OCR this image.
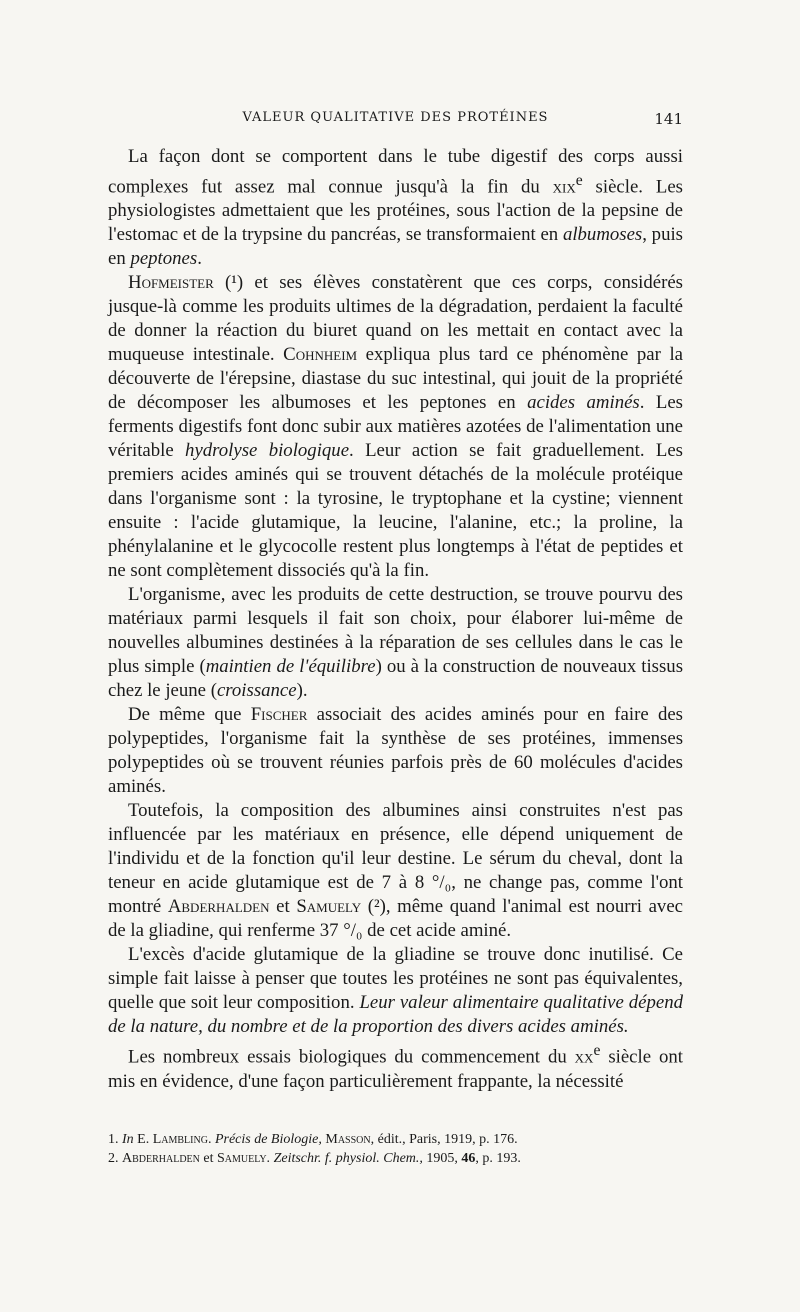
VALEUR QUALITATIVE DES PROTÉINES	141

La façon dont se comportent dans le tube digestif des corps aussi complexes fut assez mal connue jusqu'à la fin du xix$^e$ siècle. Les physiologistes admettaient que les protéines, sous l'action de la pepsine de l'estomac et de la trypsine du pancréas, se transformaient en albumoses, puis en peptones.

Hofmeister (¹) et ses élèves constatèrent que ces corps, considérés jusque-là comme les produits ultimes de la dégradation, perdaient la faculté de donner la réaction du biuret quand on les mettait en contact avec la muqueuse intestinale. Cohnheim expliqua plus tard ce phénomène par la découverte de l'érepsine, diastase du suc intestinal, qui jouit de la propriété de décomposer les albumoses et les peptones en acides aminés. Les ferments digestifs font donc subir aux matières azotées de l'alimentation une véritable hydrolyse biologique. Leur action se fait graduellement. Les premiers acides aminés qui se trouvent détachés de la molécule protéique dans l'organisme sont : la tyrosine, le tryptophane et la cystine; viennent ensuite : l'acide glutamique, la leucine, l'alanine, etc.; la proline, la phénylalanine et le glycocolle restent plus longtemps à l'état de peptides et ne sont complètement dissociés qu'à la fin.

L'organisme, avec les produits de cette destruction, se trouve pourvu des matériaux parmi lesquels il fait son choix, pour élaborer lui-même de nouvelles albumines destinées à la réparation de ses cellules dans le cas le plus simple (maintien de l'équilibre) ou à la construction de nouveaux tissus chez le jeune (croissance).

De même que Fischer associait des acides aminés pour en faire des polypeptides, l'organisme fait la synthèse de ses protéines, immenses polypeptides où se trouvent réunies parfois près de 60 molécules d'acides aminés.

Toutefois, la composition des albumines ainsi construites n'est pas influencée par les matériaux en présence, elle dépend uniquement de l'individu et de la fonction qu'il leur destine. Le sérum du cheval, dont la teneur en acide glutamique est de 7 à 8 °/₀, ne change pas, comme l'ont montré Abderhalden et Samuely (²), même quand l'animal est nourri avec de la gliadine, qui renferme 37 °/₀ de cet acide aminé.

L'excès d'acide glutamique de la gliadine se trouve donc inutilisé. Ce simple fait laisse à penser que toutes les protéines ne sont pas équivalentes, quelle que soit leur composition. Leur valeur alimentaire qualitative dépend de la nature, du nombre et de la proportion des divers acides aminés.

Les nombreux essais biologiques du commencement du $xx^e$ siècle ont mis en évidence, d'une façon particulièrement frappante, la nécessité

1. In E. Lambling. Précis de Biologie, Masson, édit., Paris, 1919, p. 176.
2. Abderhalden et Samuely. Zeitschr. f. physiol. Chem., 1905, 46, p. 193.
